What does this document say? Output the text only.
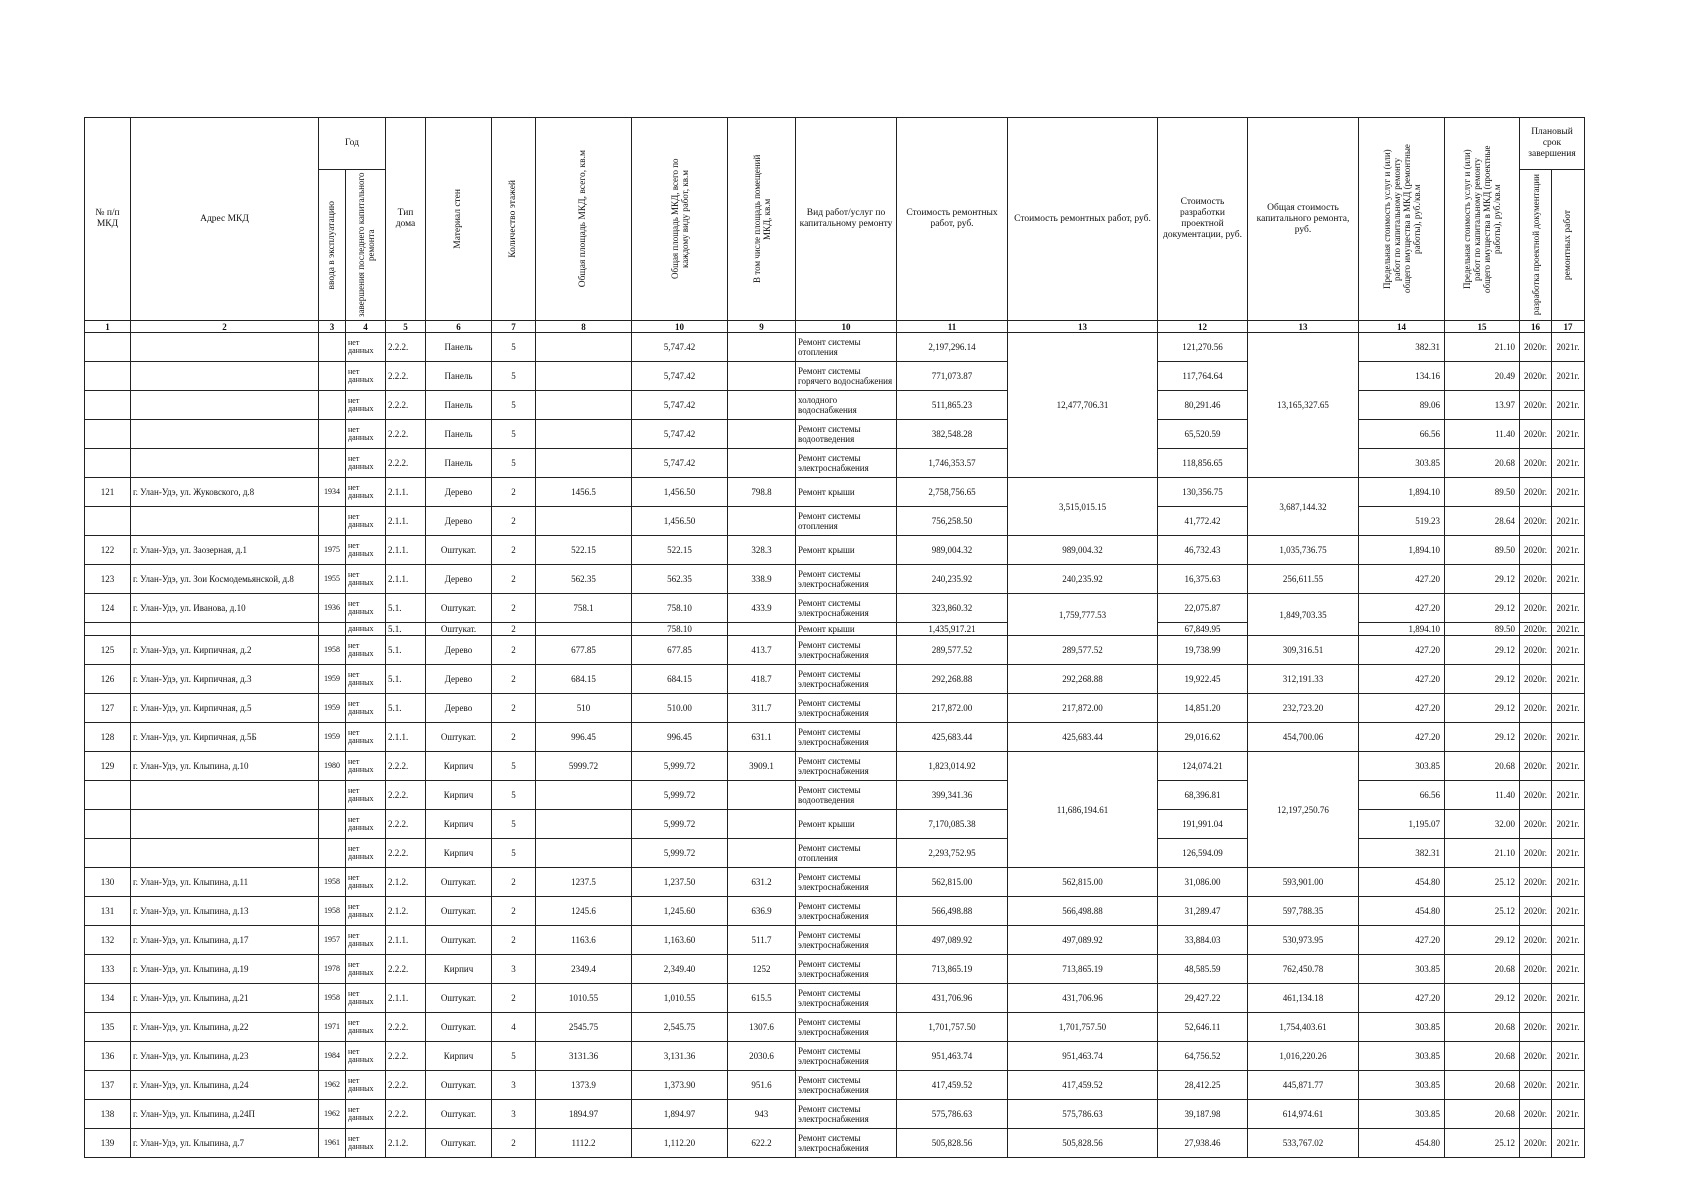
№ п/п МКД	Адрес МКД	Год		Тип дома	Материал стен	Количество этажей	Общая площадь МКД, всего, кв.м	Общая площадь МКД, всего по каждому виду работ, кв.м	В том числе площадь помещений МКД, кв.м	Вид работ/услуг по капитальному ремонту	Стоимость ремонтных работ, руб.	Стоимость ремонтных работ, руб.	Стоимость разработки проектной документации, руб.	Общая стоимость капитального ремонта, руб.	Предельная стоимость услуг и (или) работ по капитальному ремонту общего имущества в МКД (ремонтные работы), руб./кв.м	Предельная стоимость услуг и (или) работ по капитальному ремонту общего имущества в МКД (проектные работы), руб./кв.м	Плановый срок завершения	

		ввода в эксплуатацию	завершения последнего капитального ремонта														разработка проектной документации	ремонтных работ

1	2	3	4	5	6	7	8	10	9	10	11	13	12	13	14	15	16	17
			нет данных	2.2.2.	Панель	5		5,747.42		Ремонт системы отопления	2,197,296.14	12,477,706.31	121,270.56	13,165,327.65	382.31	21.10	2020г.	2021г.
			нет данных	2.2.2.	Панель	5		5,747.42		Ремонт системы горячего водоснабжения	771,073.87		117,764.64		134.16	20.49	2020г.	2021г.
			нет данных	2.2.2.	Панель	5		5,747.42		холодного водоснабжения	511,865.23		80,291.46		89.06	13.97	2020г.	2021г.
			нет данных	2.2.2.	Панель	5		5,747.42		Ремонт системы водоотведения	382,548.28		65,520.59		66.56	11.40	2020г.	2021г.
			нет данных	2.2.2.	Панель	5		5,747.42		Ремонт системы электроснабжения	1,746,353.57		118,856.65		303.85	20.68	2020г.	2021г.
121	г. Улан-Удэ, ул. Жуковского, д.8	1934	нет данных	2.1.1.	Дерево	2	1456.5	1,456.50	798.8	Ремонт крыши	2,758,756.65	3,515,015.15	130,356.75	3,687,144.32	1,894.10	89.50	2020г.	2021г.
			нет данных	2.1.1.	Дерево	2		1,456.50		Ремонт системы отопления	756,258.50		41,772.42		519.23	28.64	2020г.	2021г.
122	г. Улан-Удэ, ул. Заозерная, д.1	1975	нет данных	2.1.1.	Оштукат.	2	522.15	522.15	328.3	Ремонт крыши	989,004.32	989,004.32	46,732.43	1,035,736.75	1,894.10	89.50	2020г.	2021г.
123	г. Улан-Удэ, ул. Зои Космодемьянской, д.8	1955	нет данных	2.1.1.	Дерево	2	562.35	562.35	338.9	Ремонт системы электроснабжения	240,235.92	240,235.92	16,375.63	256,611.55	427.20	29.12	2020г.	2021г.
124	г. Улан-Удэ, ул. Иванова, д.10	1936	нет данных	5.1.	Оштукат.	2	758.1	758.10	433.9	Ремонт системы электроснабжения	323,860.32	1,759,777.53	22,075.87	1,849,703.35	427.20	29.12	2020г.	2021г.
			данных	5.1.	Оштукат.	2		758.10		Ремонт крыши	1,435,917.21		67,849.95		1,894.10	89.50	2020г.	2021г.
125	г. Улан-Удэ, ул. Кирпичная, д.2	1958	нет данных	5.1.	Дерево	2	677.85	677.85	413.7	Ремонт системы электроснабжения	289,577.52	289,577.52	19,738.99	309,316.51	427.20	29.12	2020г.	2021г.
126	г. Улан-Удэ, ул. Кирпичная, д.3	1959	нет данных	5.1.	Дерево	2	684.15	684.15	418.7	Ремонт системы электроснабжения	292,268.88	292,268.88	19,922.45	312,191.33	427.20	29.12	2020г.	2021г.
127	г. Улан-Удэ, ул. Кирпичная, д.5	1959	нет данных	5.1.	Дерево	2	510	510.00	311.7	Ремонт системы электроснабжения	217,872.00	217,872.00	14,851.20	232,723.20	427.20	29.12	2020г.	2021г.
128	г. Улан-Удэ, ул. Кирпичная, д.5Б	1959	нет данных	2.1.1.	Оштукат.	2	996.45	996.45	631.1	Ремонт системы электроснабжения	425,683.44	425,683.44	29,016.62	454,700.06	427.20	29.12	2020г.	2021г.
129	г. Улан-Удэ, ул. Клыпина, д.10	1980	нет данных	2.2.2.	Кирпич	5	5999.72	5,999.72	3909.1	Ремонт системы электроснабжения	1,823,014.92	11,686,194.61	124,074.21	12,197,250.76	303.85	20.68	2020г.	2021г.
			нет данных	2.2.2.	Кирпич	5		5,999.72		Ремонт системы водоотведения	399,341.36		68,396.81		66.56	11.40	2020г.	2021г.
			нет данных	2.2.2.	Кирпич	5		5,999.72		Ремонт крыши	7,170,085.38		191,991.04		1,195.07	32.00	2020г.	2021г.
			нет данных	2.2.2.	Кирпич	5		5,999.72		Ремонт системы отопления	2,293,752.95		126,594.09		382.31	21.10	2020г.	2021г.
130	г. Улан-Удэ, ул. Клыпина, д.11	1958	нет данных	2.1.2.	Оштукат.	2	1237.5	1,237.50	631.2	Ремонт системы электроснабжения	562,815.00	562,815.00	31,086.00	593,901.00	454.80	25.12	2020г.	2021г.
131	г. Улан-Удэ, ул. Клыпина, д.13	1958	нет данных	2.1.2.	Оштукат.	2	1245.6	1,245.60	636.9	Ремонт системы электроснабжения	566,498.88	566,498.88	31,289.47	597,788.35	454.80	25.12	2020г.	2021г.
132	г. Улан-Удэ, ул. Клыпина, д.17	1957	нет данных	2.1.1.	Оштукат.	2	1163.6	1,163.60	511.7	Ремонт системы электроснабжения	497,089.92	497,089.92	33,884.03	530,973.95	427.20	29.12	2020г.	2021г.
133	г. Улан-Удэ, ул. Клыпина, д.19	1978	нет данных	2.2.2.	Кирпич	3	2349.4	2,349.40	1252	Ремонт системы электроснабжения	713,865.19	713,865.19	48,585.59	762,450.78	303.85	20.68	2020г.	2021г.
134	г. Улан-Удэ, ул. Клыпина, д.21	1958	нет данных	2.1.1.	Оштукат.	2	1010.55	1,010.55	615.5	Ремонт системы электроснабжения	431,706.96	431,706.96	29,427.22	461,134.18	427.20	29.12	2020г.	2021г.
135	г. Улан-Удэ, ул. Клыпина, д.22	1971	нет данных	2.2.2.	Оштукат.	4	2545.75	2,545.75	1307.6	Ремонт системы электроснабжения	1,701,757.50	1,701,757.50	52,646.11	1,754,403.61	303.85	20.68	2020г.	2021г.
136	г. Улан-Удэ, ул. Клыпина, д.23	1984	нет данных	2.2.2.	Кирпич	5	3131.36	3,131.36	2030.6	Ремонт системы электроснабжения	951,463.74	951,463.74	64,756.52	1,016,220.26	303.85	20.68	2020г.	2021г.
137	г. Улан-Удэ, ул. Клыпина, д.24	1962	нет данных	2.2.2.	Оштукат.	3	1373.9	1,373.90	951.6	Ремонт системы электроснабжения	417,459.52	417,459.52	28,412.25	445,871.77	303.85	20.68	2020г.	2021г.
138	г. Улан-Удэ, ул. Клыпина, д.24П	1962	нет данных	2.2.2.	Оштукат.	3	1894.97	1,894.97	943	Ремонт системы электроснабжения	575,786.63	575,786.63	39,187.98	614,974.61	303.85	20.68	2020г.	2021г.
139	г. Улан-Удэ, ул. Клыпина, д.7	1961	нет данных	2.1.2.	Оштукат.	2	1112.2	1,112.20	622.2	Ремонт системы электроснабжения	505,828.56	505,828.56	27,938.46	533,767.02	454.80	25.12	2020г.	2021г.
